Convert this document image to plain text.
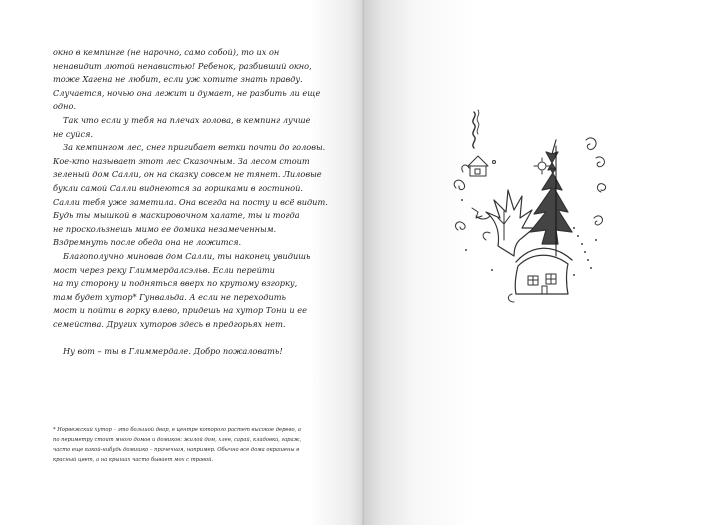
окно в кемпинге (не нарочно, само собой), то их он
ненавидит лютой ненавистью! Ребенок, разбивший окно,
тоже Хагена не любит, если уж хотите знать правду.
Случается, ночью она лежит и думает, не разбить ли еще
одно.
Так что если у тебя на плечах голова, в кемпинг лучше
не суйся.
За кемпингом лес, снег пригибает ветки почти до головы.
Кое-кто называет этот лес Сказочным. За лесом стоит
зеленый дом Салли, он на сказку совсем не тянет. Лиловые
букли самой Салли виднеются за горшками в гостиной.
Салли тебя уже заметила. Она всегда на посту и всё видит.
Будь ты мышкой в маскировочном халате, ты и тогда
не проскользнешь мимо ее домика незамеченным.
Вздремнуть после обеда она не ложится.
Благополучно миновав дом Салли, ты наконец увидишь
мост через реку Глиммердалсэльв. Если перейти
на ту сторону и подняться вверх по крутому взгорку,
там будет хутор* Гунвальда. А если не переходить
мост и пойти в горку влево, придешь на хутор Тони и ее
семейства. Других хуторов здесь в предгорьях нет.
Ну вот – ты в Глиммердале. Добро пожаловать!
* Норвежский хутор – это большой двор, в центре которого растет высокое дерево, а
по периметру стоит много домов и домиков: жилой дом, хлев, сарай, кладовка, гараж,
часто еще какой-нибудь домишко – прачечная, например. Обычно все дома окрашены в
красный цвет, а на крышах часто бывает мох с травой.
